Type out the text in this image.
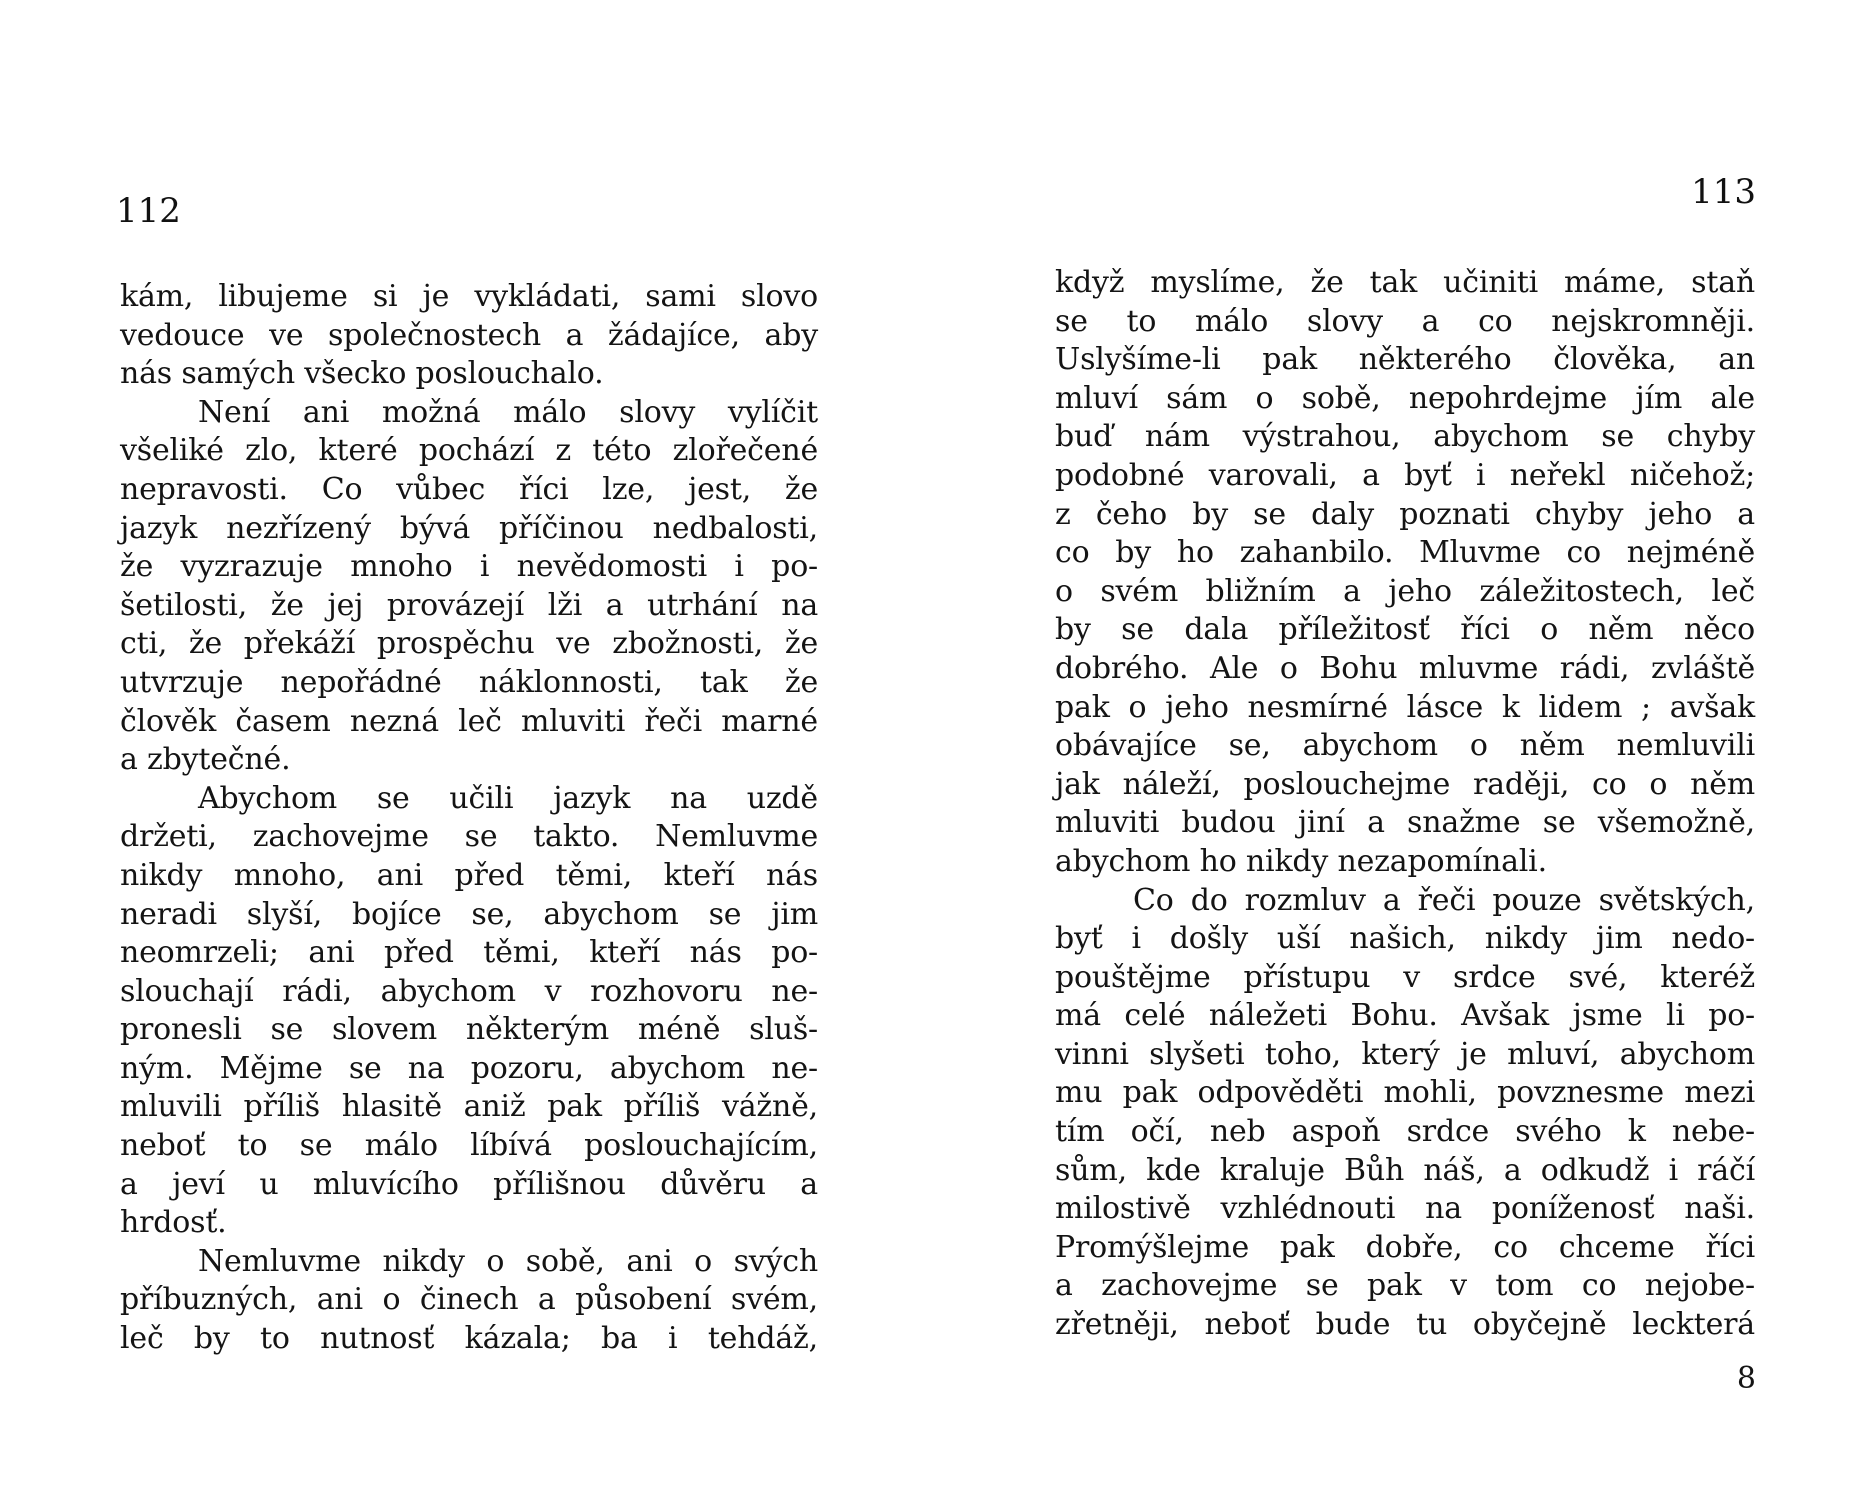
112

kám, libujeme si je vykládati, sami slovo
vedouce ve společnostech a žádajíce, aby
nás samých všecko poslouchalo.
Není ani možná málo slovy vylíčit
všeliké zlo, které pochází z této zlořečené
nepravosti. Co vůbec říci lze, jest, že
jazyk nezřízený bývá příčinou nedbalosti,
že vyzrazuje mnoho i nevědomosti i po-
šetilosti, že jej provázejí lži a utrhání na
cti, že překáží prospěchu ve zbožnosti, že
utvrzuje nepořádné náklonnosti, tak že
člověk časem nezná leč mluviti řeči marné
a zbytečné.
Abychom se učili jazyk na uzdě
držeti, zachovejme se takto. Nemluvme
nikdy mnoho, ani před těmi, kteří nás
neradi slyší, bojíce se, abychom se jim
neomrzeli; ani před těmi, kteří nás po-
slouchají rádi, abychom v rozhovoru ne-
pronesli se slovem některým méně sluš-
ným. Mějme se na pozoru, abychom ne-
mluvili příliš hlasitě aniž pak příliš vážně,
neboť to se málo líbívá poslouchajícím,
a jeví u mluvícího přílišnou důvěru a
hrdosť.
Nemluvme nikdy o sobě, ani o svých
příbuzných, ani o činech a působení svém,
leč by to nutnosť kázala; ba i tehdáž,

113

když myslíme, že tak učiniti máme, staň
se to málo slovy a co nejskromněji.
Uslyšíme-li pak některého člověka, an
mluví sám o sobě, nepohrdejme jím ale
buď nám výstrahou, abychom se chyby
podobné varovali, a byť i neřekl ničehož;
z čeho by se daly poznati chyby jeho a
co by ho zahanbilo. Mluvme co nejméně
o svém bližním a jeho záležitostech, leč
by se dala příležitosť říci o něm něco
dobrého. Ale o Bohu mluvme rádi, zvláště
pak o jeho nesmírné lásce k lidem ; avšak
obávajíce se, abychom o něm nemluvili
jak náleží, poslouchejme raději, co o něm
mluviti budou jiní a snažme se všemožně,
abychom ho nikdy nezapomínali.
Co do rozmluv a řeči pouze světských,
byť i došly uší našich, nikdy jim nedo-
pouštějme přístupu v srdce své, kteréž
má celé náležeti Bohu. Avšak jsme li po-
vinni slyšeti toho, který je mluví, abychom
mu pak odpověděti mohli, povznesme mezi
tím očí, neb aspoň srdce svého k nebe-
sům, kde kraluje Bůh náš, a odkudž i ráčí
milostivě vzhlédnouti na poníženosť naši.
Promýšlejme pak dobře, co chceme říci
a zachovejme se pak v tom co nejobe-
zřetněji, neboť bude tu obyčejně leckterá

8
